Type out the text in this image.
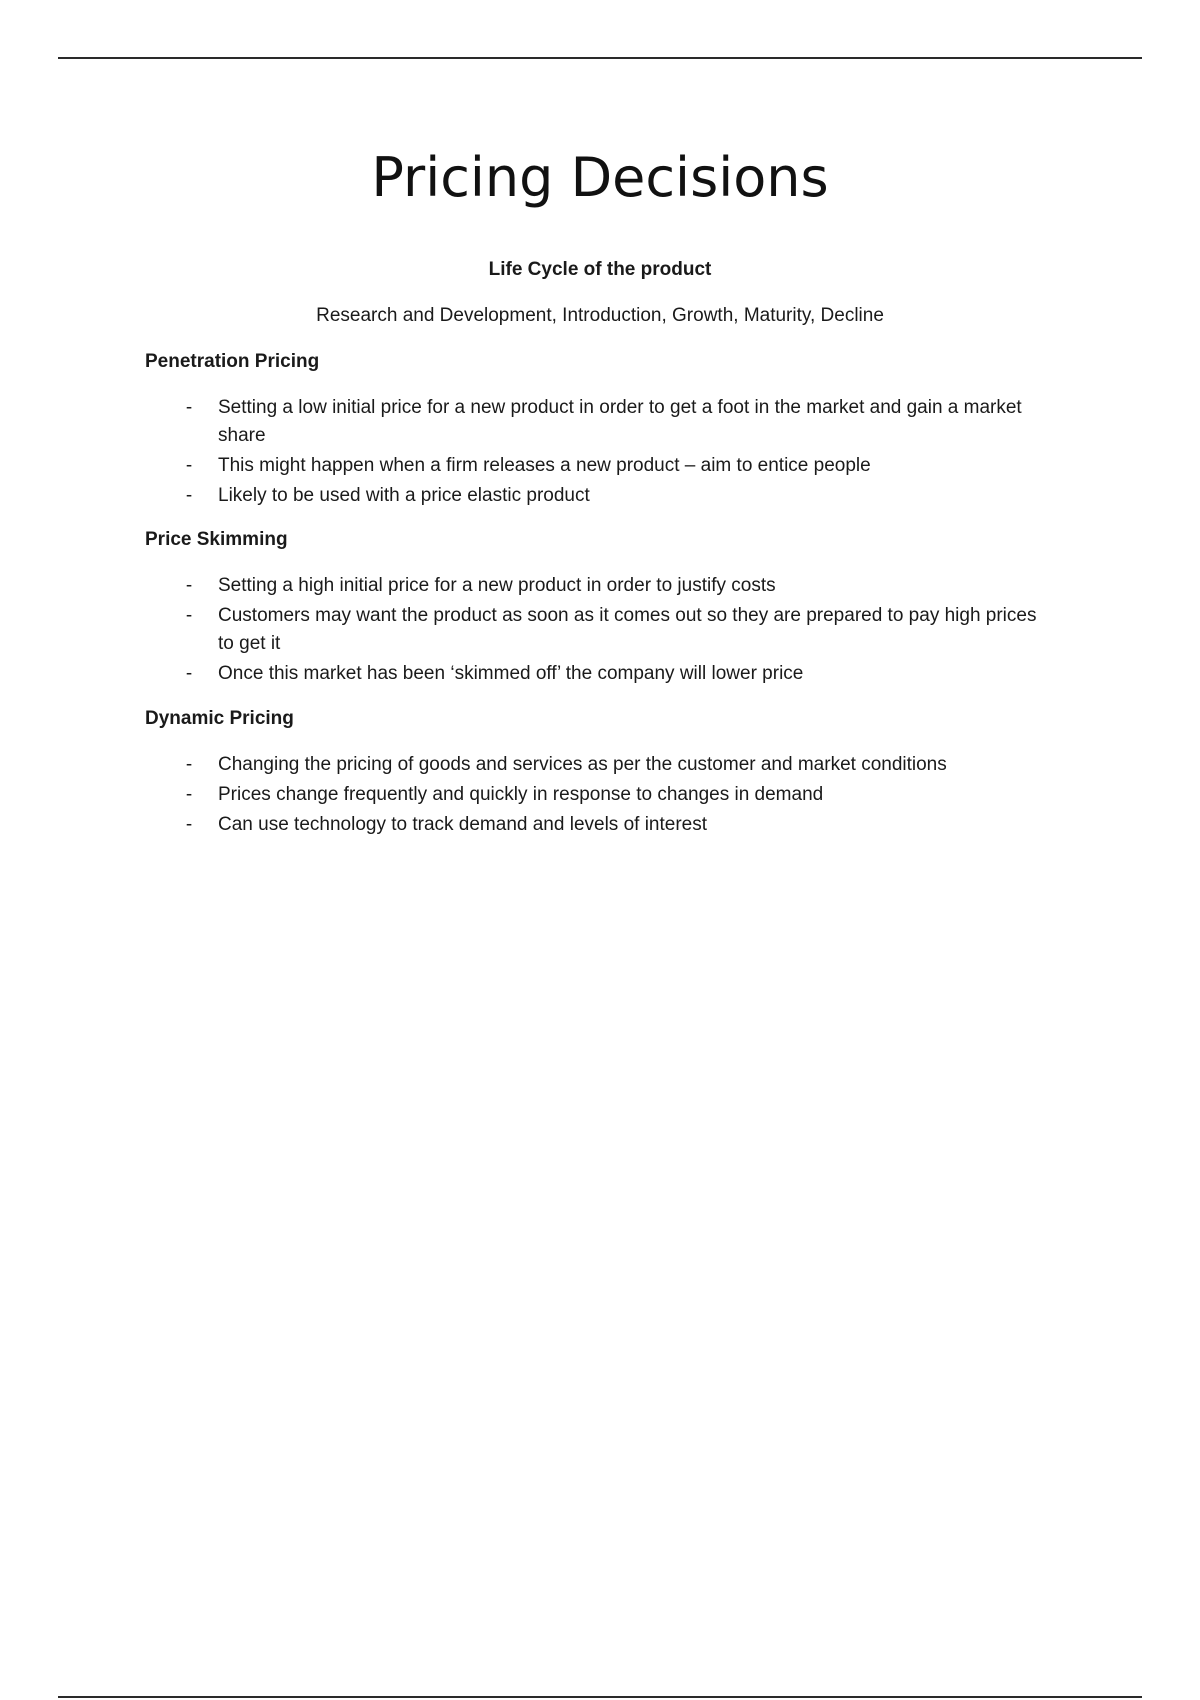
Pricing Decisions
Life Cycle of the product
Research and Development, Introduction, Growth, Maturity, Decline
Penetration Pricing
- Setting a low initial price for a new product in order to get a foot in the market and gain a market share
- This might happen when a firm releases a new product – aim to entice people
- Likely to be used with a price elastic product
Price Skimming
- Setting a high initial price for a new product in order to justify costs
- Customers may want the product as soon as it comes out so they are prepared to pay high prices to get it
- Once this market has been ‘skimmed off’ the company will lower price
Dynamic Pricing
- Changing the pricing of goods and services as per the customer and market conditions
- Prices change frequently and quickly in response to changes in demand
- Can use technology to track demand and levels of interest
